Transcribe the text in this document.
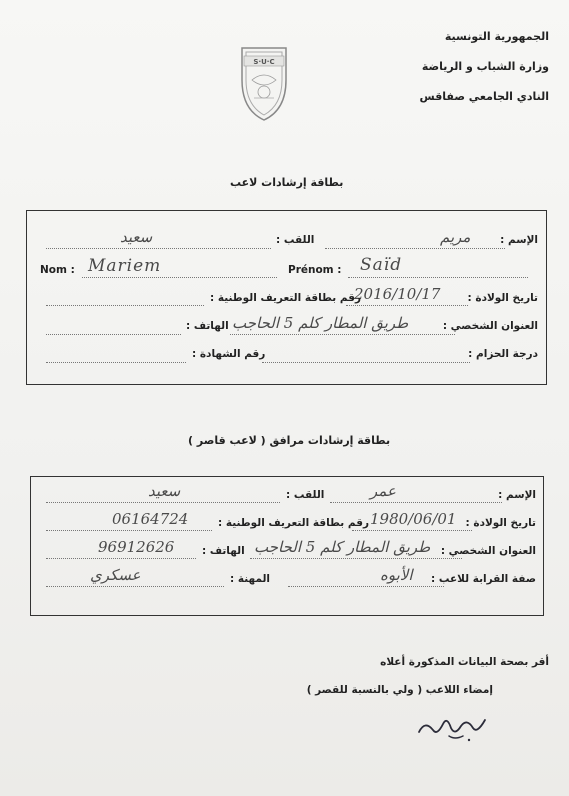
الجمهورية التونسية
وزارة الشباب و الرياضة
النادي الجامعي صفاقس
S·U·C
بطاقة إرشادات لاعب
الإسم :
مريم
اللقب :
سعيد
Nom : Mariem	Prénom : Saïd
تاريخ الولادة :
2016/10/17
رقم بطاقة التعريف الوطنية :
العنوان الشخصي :
طريق المطار كلم 5 الحاجب
الهاتف :
درجة الحزام :
رقم الشهادة :
بطاقة إرشادات مرافق ( لاعب قاصر )
الإسم :
عمر
اللقب :
سعيد
تاريخ الولادة :
1980/06/01
رقم بطاقة التعريف الوطنية :
06164724
العنوان الشخصي :
طريق المطار كلم 5 الحاجب
الهاتف :
96912626
صفة القرابة للاعب :
الأبوه
المهنة :
عسكري
أقر بصحة البيانات المذكورة أعلاه
إمضاء اللاعب ( ولي بالنسبة للقصر )
